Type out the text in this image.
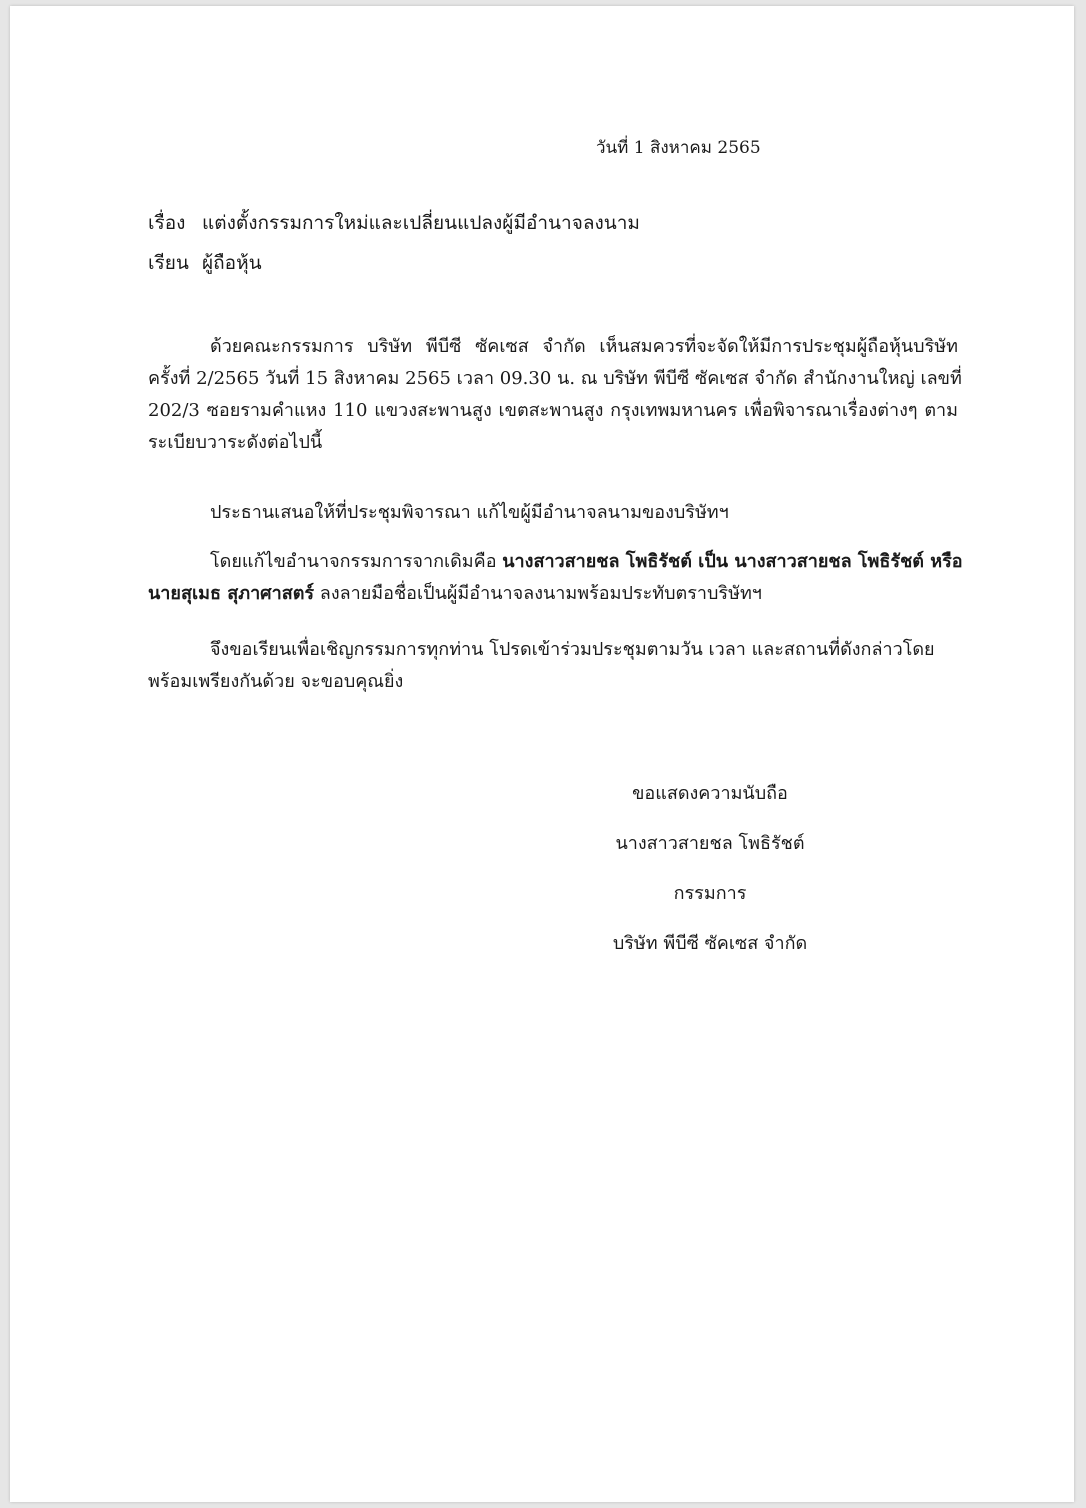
วันที่ 1 สิงหาคม 2565
เรื่อง แต่งตั้งกรรมการใหม่และเปลี่ยนแปลงผู้มีอำนาจลงนาม
เรียน ผู้ถือหุ้น
ด้วยคณะกรรมการ บริษัท พีบีซี ซัคเซส จำกัด เห็นสมควรที่จะจัดให้มีการประชุมผู้ถือหุ้นบริษัท
ครั้งที่ 2/2565 วันที่ 15 สิงหาคม 2565 เวลา 09.30 น. ณ บริษัท พีบีซี ซัคเซส จำกัด สำนักงานใหญ่ เลขที่
202/3 ซอยรามคำแหง 110 แขวงสะพานสูง เขตสะพานสูง กรุงเทพมหานคร เพื่อพิจารณาเรื่องต่างๆ ตาม
ระเบียบวาระดังต่อไปนี้
ประธานเสนอให้ที่ประชุมพิจารณา แก้ไขผู้มีอำนาจลนามของบริษัทฯ
โดยแก้ไขอำนาจกรรมการจากเดิมคือ นางสาวสายชล โพธิรัชต์ เป็น นางสาวสายชล โพธิรัชต์ หรือ
นายสุเมธ สุภาศาสตร์ ลงลายมือชื่อเป็นผู้มีอำนาจลงนามพร้อมประทับตราบริษัทฯ
จึงขอเรียนเพื่อเชิญกรรมการทุกท่าน โปรดเข้าร่วมประชุมตามวัน เวลา และสถานที่ดังกล่าวโดย
พร้อมเพรียงกันด้วย จะขอบคุณยิ่ง
ขอแสดงความนับถือ
นางสาวสายชล โพธิรัชต์
กรรมการ
บริษัท พีบีซี ซัคเซส จำกัด
